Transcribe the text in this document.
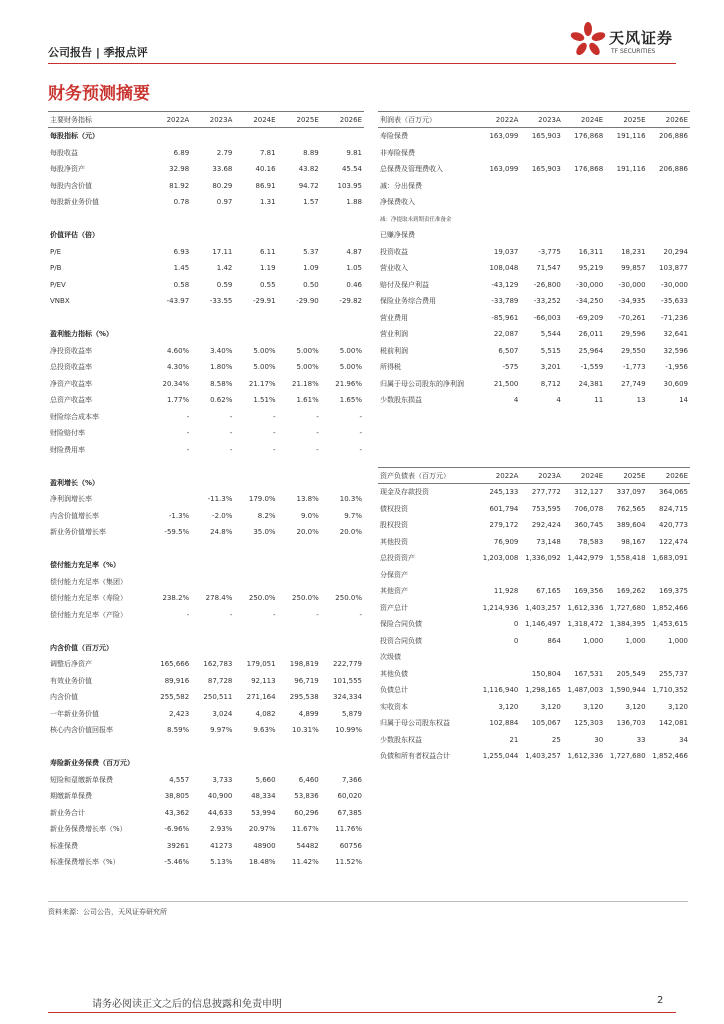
公司报告 | 季报点评
天风证券
TF SECURITIES
财务预测摘要
主要财务指标	2022A	2023A	2024E	2025E	2026E
每股指标（元）					
每股收益	6.89	2.79	7.81	8.89	9.81
每股净资产	32.98	33.68	40.16	43.82	45.54
每股内含价值	81.92	80.29	86.91	94.72	103.95
每股新业务价值	0.78	0.97	1.31	1.57	1.88

价值评估（倍）					
P/E	6.93	17.11	6.11	5.37	4.87
P/B	1.45	1.42	1.19	1.09	1.05
P/EV	0.58	0.59	0.55	0.50	0.46
VNBX	-43.97	-33.55	-29.91	-29.90	-29.82

盈利能力指标（%）					
净投资收益率	4.60%	3.40%	5.00%	5.00%	5.00%
总投资收益率	4.30%	1.80%	5.00%	5.00%	5.00%
净资产收益率	20.34%	8.58%	21.17%	21.18%	21.96%
总资产收益率	1.77%	0.62%	1.51%	1.61%	1.65%
财险综合成本率	-	-	-	-	-
财险赔付率	-	-	-	-	-
财险费用率	-	-	-	-	-

盈利增长（%）					
净利润增长率		-11.3%	179.0%	13.8%	10.3%
内含价值增长率	-1.3%	-2.0%	8.2%	9.0%	9.7%
新业务价值增长率	-59.5%	24.8%	35.0%	20.0%	20.0%

偿付能力充足率（%）					
偿付能力充足率（集团）					
偿付能力充足率（寿险）	238.2%	278.4%	250.0%	250.0%	250.0%
偿付能力充足率（产险）	-	-	-	-	-

内含价值（百万元）					
调整后净资产	165,666	162,783	179,051	198,819	222,779
有效业务价值	89,916	87,728	92,113	96,719	101,555
内含价值	255,582	250,511	271,164	295,538	324,334
一年新业务价值	2,423	3,024	4,082	4,899	5,879
核心内含价值回报率	8.59%	9.97%	9.63%	10.31%	10.99%

寿险新业务保费（百万元）					
短险和趸缴新单保费	4,557	3,733	5,660	6,460	7,366
期缴新单保费	38,805	40,900	48,334	53,836	60,020
新业务合计	43,362	44,633	53,994	60,296	67,385
新业务保费增长率（%）	-6.96%	2.93%	20.97%	11.67%	11.76%
标准保费	39261	41273	48900	54482	60756
标准保费增长率（%）	-5.46%	5.13%	18.48%	11.42%	11.52%
利润表（百万元）	2022A	2023A	2024E	2025E	2026E
寿险保费	163,099	165,903	176,868	191,116	206,886
非寿险保费					
总保费及管理费收入	163,099	165,903	176,868	191,116	206,886
减：分出保费					
净保费收入					
减：净提取未到期责任准备金					
已赚净保费					
投资收益	19,037	-3,775	16,311	18,231	20,294
营业收入	108,048	71,547	95,219	99,857	103,877
赔付及保户利益	-43,129	-26,800	-30,000	-30,000	-30,000
保险业务综合费用	-33,789	-33,252	-34,250	-34,935	-35,633
营业费用	-85,961	-66,003	-69,209	-70,261	-71,236
营业利润	22,087	5,544	26,011	29,596	32,641
税前利润	6,507	5,515	25,964	29,550	32,596
所得税	-575	3,201	-1,559	-1,773	-1,956
归属于母公司股东的净利润	21,500	8,712	24,381	27,749	30,609
少数股东损益	4	4	11	13	14
资产负债表（百万元）	2022A	2023A	2024E	2025E	2026E
现金及存款投资	245,133	277,772	312,127	337,097	364,065
债权投资	601,794	753,595	706,078	762,565	824,715
股权投资	279,172	292,424	360,745	389,604	420,773
其他投资	76,909	73,148	78,583	98,167	122,474
总投资资产	1,203,008	1,336,092	1,442,979	1,558,418	1,683,091
分保资产					
其他资产	11,928	67,165	169,356	169,262	169,375
资产总计	1,214,936	1,403,257	1,612,336	1,727,680	1,852,466
保险合同负债	0	1,146,497	1,318,472	1,384,395	1,453,615
投资合同负债	0	864	1,000	1,000	1,000
次级债					
其他负债		150,804	167,531	205,549	255,737
负债总计	1,116,940	1,298,165	1,487,003	1,590,944	1,710,352
实收资本	3,120	3,120	3,120	3,120	3,120
归属于母公司股东权益	102,884	105,067	125,303	136,703	142,081
少数股东权益	21	25	30	33	34
负债和所有者权益合计	1,255,044	1,403,257	1,612,336	1,727,680	1,852,466
资料来源：公司公告，天风证券研究所
请务必阅读正文之后的信息披露和免责申明	2
